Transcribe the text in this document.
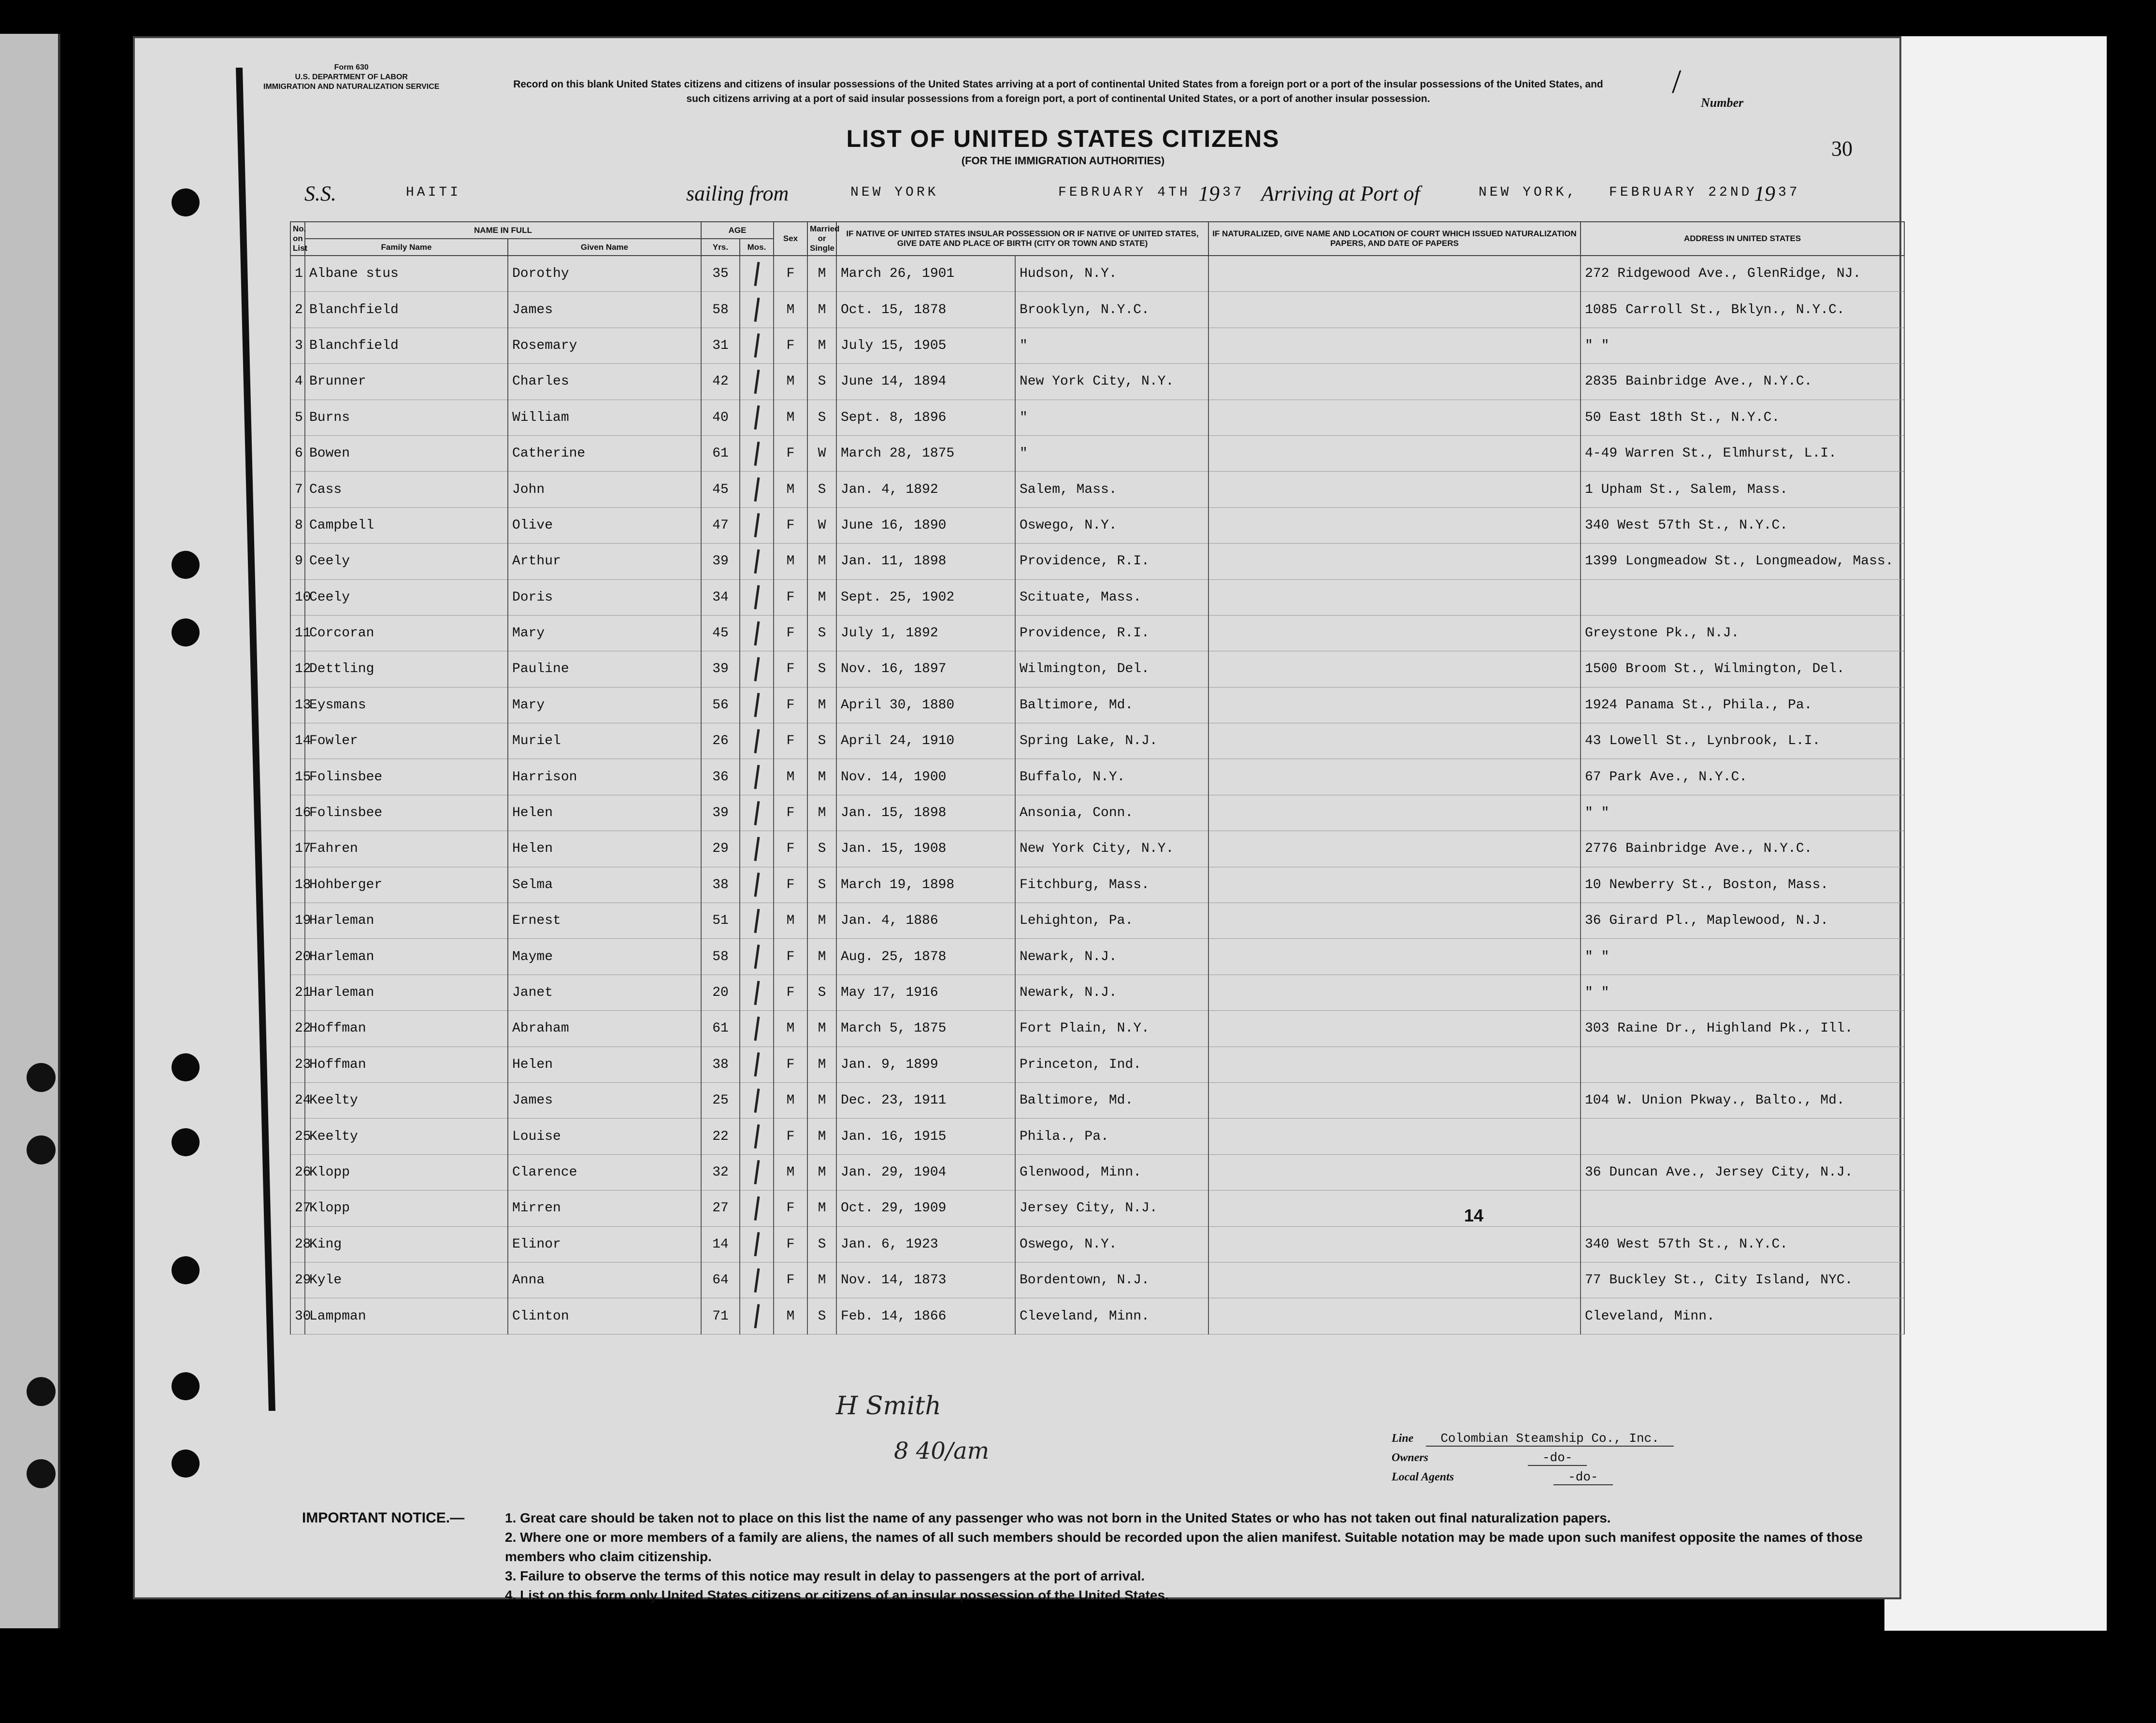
Form 630
U.S. DEPARTMENT OF LABOR
IMMIGRATION AND NATURALIZATION SERVICE	Record on this blank United States citizens and citizens of insular possessions of the United States arriving at a port of continental United States from a foreign port or a port of the insular possessions of the United States, and such citizens arriving at a port of said insular possessions from a foreign port, a port of continental United States, or a port of another insular possession.	Number
/
LIST OF UNITED STATES CITIZENS
(FOR THE IMMIGRATION AUTHORITIES)
30
S.S.	HAITI	sailing from	NEW YORK	FEBRUARY 4TH 19 37 Arriving at Port of	NEW YORK, FEBRUARY 22ND 19 37
No. on List	NAME IN FULL		AGE		Sex	Married or Single	IF NATIVE OF UNITED STATES INSULAR POSSESSION OR IF NATIVE OF UNITED STATES, GIVE DATE AND PLACE OF BIRTH (CITY OR TOWN AND STATE)		IF NATURALIZED, GIVE NAME AND LOCATION OF COURT WHICH ISSUED NATURALIZATION PAPERS, AND DATE OF PAPERS	ADDRESS IN UNITED STATES
	Family Name	Given Name	Yrs.	Mos.						
1	Albane stus	Dorothy	35		F	M	March 26, 1901	Hudson, N.Y.		272 Ridgewood Ave., GlenRidge, NJ.
2	Blanchfield	James	58		M	M	Oct. 15, 1878	Brooklyn, N.Y.C.		1085 Carroll St., Bklyn., N.Y.C.
3	Blanchfield	Rosemary	31		F	M	July 15, 1905	"		" "
4	Brunner	Charles	42		M	S	June 14, 1894	New York City, N.Y.		2835 Bainbridge Ave., N.Y.C.
5	Burns	William	40		M	S	Sept. 8, 1896	"		50 East 18th St., N.Y.C.
6	Bowen	Catherine	61		F	W	March 28, 1875	"		4-49 Warren St., Elmhurst, L.I.
7	Cass	John	45		M	S	Jan. 4, 1892	Salem, Mass.		1 Upham St., Salem, Mass.
8	Campbell	Olive	47		F	W	June 16, 1890	Oswego, N.Y.		340 West 57th St., N.Y.C.
9	Ceely	Arthur	39		M	M	Jan. 11, 1898	Providence, R.I.		1399 Longmeadow St., Longmeadow, Mass.
10	Ceely	Doris	34		F	M	Sept. 25, 1902	Scituate, Mass.		
11	Corcoran	Mary	45		F	S	July 1, 1892	Providence, R.I.		Greystone Pk., N.J.
12	Dettling	Pauline	39		F	S	Nov. 16, 1897	Wilmington, Del.		1500 Broom St., Wilmington, Del.
13	Eysmans	Mary	56		F	M	April 30, 1880	Baltimore, Md.		1924 Panama St., Phila., Pa.
14	Fowler	Muriel	26		F	S	April 24, 1910	Spring Lake, N.J.		43 Lowell St., Lynbrook, L.I.
15	Folinsbee	Harrison	36		M	M	Nov. 14, 1900	Buffalo, N.Y.		67 Park Ave., N.Y.C.
16	Folinsbee	Helen	39		F	M	Jan. 15, 1898	Ansonia, Conn.		" "
17	Fahren	Helen	29		F	S	Jan. 15, 1908	New York City, N.Y.		2776 Bainbridge Ave., N.Y.C.
18	Hohberger	Selma	38		F	S	March 19, 1898	Fitchburg, Mass.		10 Newberry St., Boston, Mass.
19	Harleman	Ernest	51		M	M	Jan. 4, 1886	Lehighton, Pa.		36 Girard Pl., Maplewood, N.J.
20	Harleman	Mayme	58		F	M	Aug. 25, 1878	Newark, N.J.		" "
21	Harleman	Janet	20		F	S	May 17, 1916	Newark, N.J.		" "
22	Hoffman	Abraham	61		M	M	March 5, 1875	Fort Plain, N.Y.		303 Raine Dr., Highland Pk., Ill.
23	Hoffman	Helen	38		F	M	Jan. 9, 1899	Princeton, Ind.		
24	Keelty	James	25		M	M	Dec. 23, 1911	Baltimore, Md.		104 W. Union Pkway., Balto., Md.
25	Keelty	Louise	22		F	M	Jan. 16, 1915	Phila., Pa.		
26	Klopp	Clarence	32		M	M	Jan. 29, 1904	Glenwood, Minn.		36 Duncan Ave., Jersey City, N.J.
27	Klopp	Mirren	27		F	M	Oct. 29, 1909	Jersey City, N.J.		
28	King	Elinor	14		F	S	Jan. 6, 1923	Oswego, N.Y.		340 West 57th St., N.Y.C.
29	Kyle	Anna	64		F	M	Nov. 14, 1873	Bordentown, N.J.		77 Buckley St., City Island, NYC.
30	Lampman	Clinton	71		M	S	Feb. 14, 1866	Cleveland, Minn.		Cleveland, Minn.
14
H Smith
8 40/am	Line Colombian Steamship Co., Inc.
Owners	-do-
Local Agents	-do-
IMPORTANT NOTICE.—	1. Great care should be taken not to place on this list the name of any passenger who was not born in the United States or who has not taken out final naturalization papers.
2. Where one or more members of a family are aliens, the names of all such members should be recorded upon the alien manifest. Suitable notation may be made upon such manifest opposite the names of those members who claim citizenship.
3. Failure to observe the terms of this notice may result in delay to passengers at the port of arrival.
4. List on this form only United States citizens or citizens of an insular possession of the United States.
